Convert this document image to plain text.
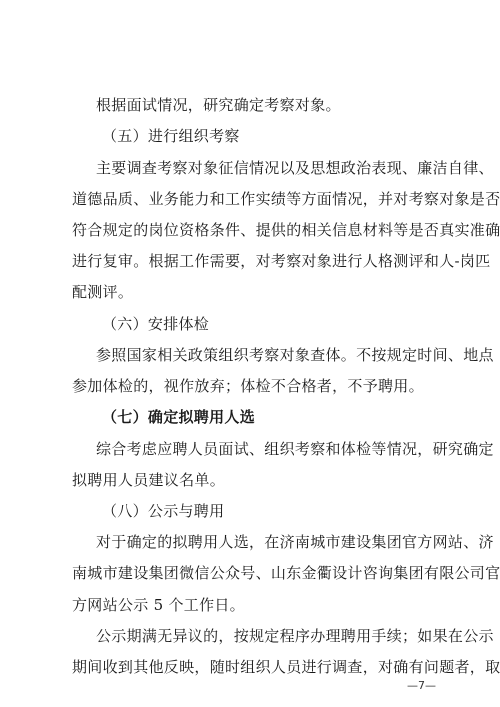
根据面试情况，研究确定考察对象。
（五）进行组织考察
主要调查考察对象征信情况以及思想政治表现、廉洁自律、
道德品质、业务能力和工作实绩等方面情况，并对考察对象是否
符合规定的岗位资格条件、提供的相关信息材料等是否真实准确
进行复审。根据工作需要，对考察对象进行人格测评和人-岗匹
配测评。
（六）安排体检
参照国家相关政策组织考察对象查体。不按规定时间、地点
参加体检的，视作放弃；体检不合格者，不予聘用。
（七）确定拟聘用人选
综合考虑应聘人员面试、组织考察和体检等情况，研究确定
拟聘用人员建议名单。
（八）公示与聘用
对于确定的拟聘用人选，在济南城市建设集团官方网站、济
南城市建设集团微信公众号、山东金衢设计咨询集团有限公司官
方网站公示 5 个工作日。
公示期满无异议的，按规定程序办理聘用手续；如果在公示
期间收到其他反映，随时组织人员进行调查，对确有问题者，取
—7—
